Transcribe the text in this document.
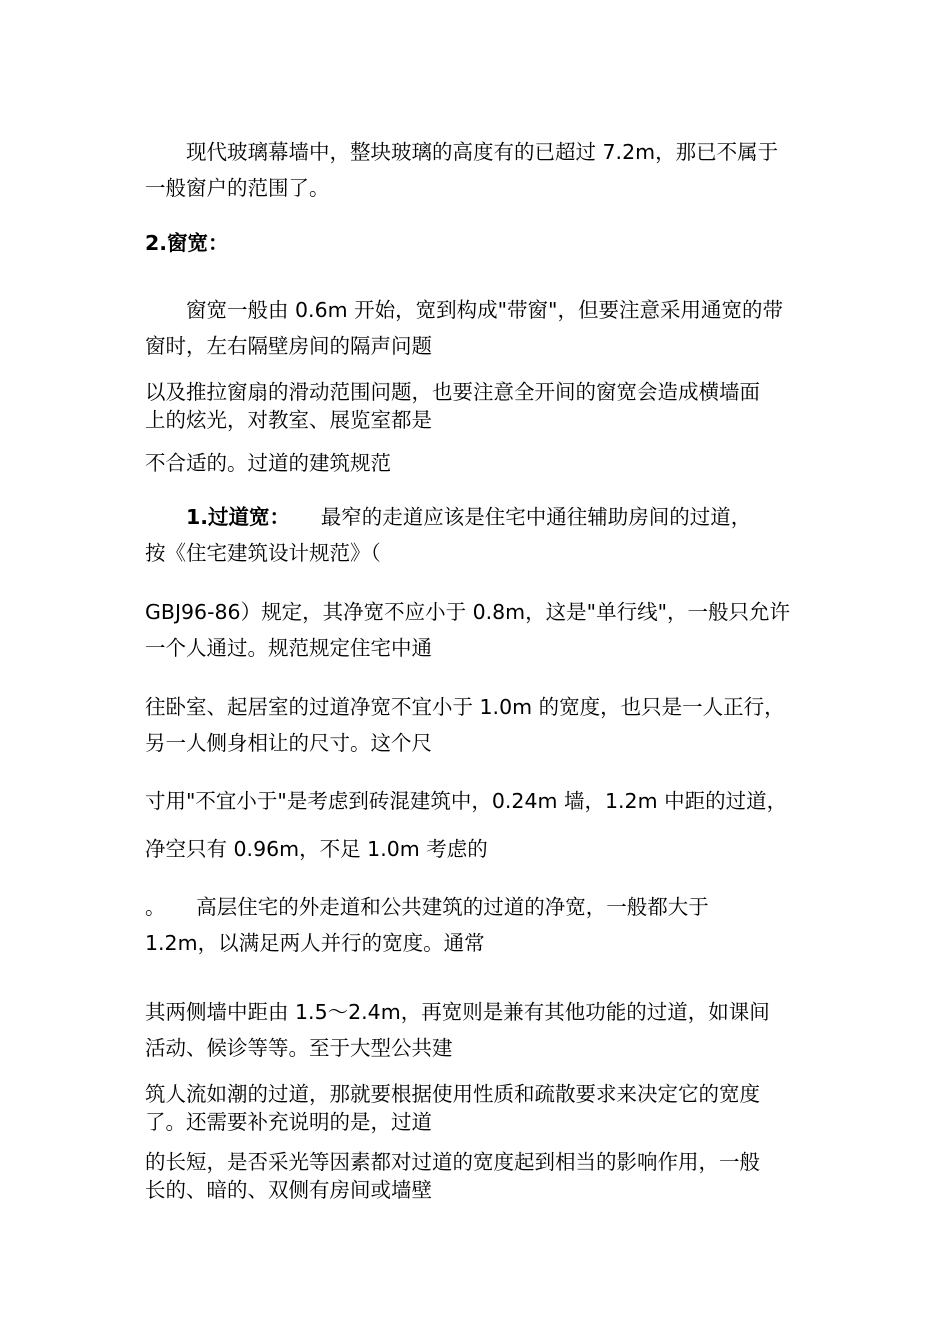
　　现代玻璃幕墙中，整块玻璃的高度有的已超过 7.2m，那已不属于
一般窗户的范围了。
2.窗宽：
　　窗宽一般由 0.6m 开始，宽到构成"带窗"，但要注意采用通宽的带
窗时，左右隔壁房间的隔声问题
以及推拉窗扇的滑动范围问题，也要注意全开间的窗宽会造成横墙面
上的炫光，对教室、展览室都是
不合适的。过道的建筑规范
　　1.过道宽：　　最窄的走道应该是住宅中通往辅助房间的过道，
按《住宅建筑设计规范》（
GBJ96-86）规定，其净宽不应小于 0.8m，这是"单行线"，一般只允许
一个人通过。规范规定住宅中通
往卧室、起居室的过道净宽不宜小于 1.0m 的宽度，也只是一人正行，
另一人侧身相让的尺寸。这个尺
寸用"不宜小于"是考虑到砖混建筑中，0.24m 墙，1.2m 中距的过道，
净空只有 0.96m，不足 1.0m 考虑的
。　　高层住宅的外走道和公共建筑的过道的净宽，一般都大于
1.2m，以满足两人并行的宽度。通常
其两侧墙中距由 1.5～2.4m，再宽则是兼有其他功能的过道，如课间
活动、候诊等等。至于大型公共建
筑人流如潮的过道，那就要根据使用性质和疏散要求来决定它的宽度
了。还需要补充说明的是，过道
的长短，是否采光等因素都对过道的宽度起到相当的影响作用，一般
长的、暗的、双侧有房间或墙壁
